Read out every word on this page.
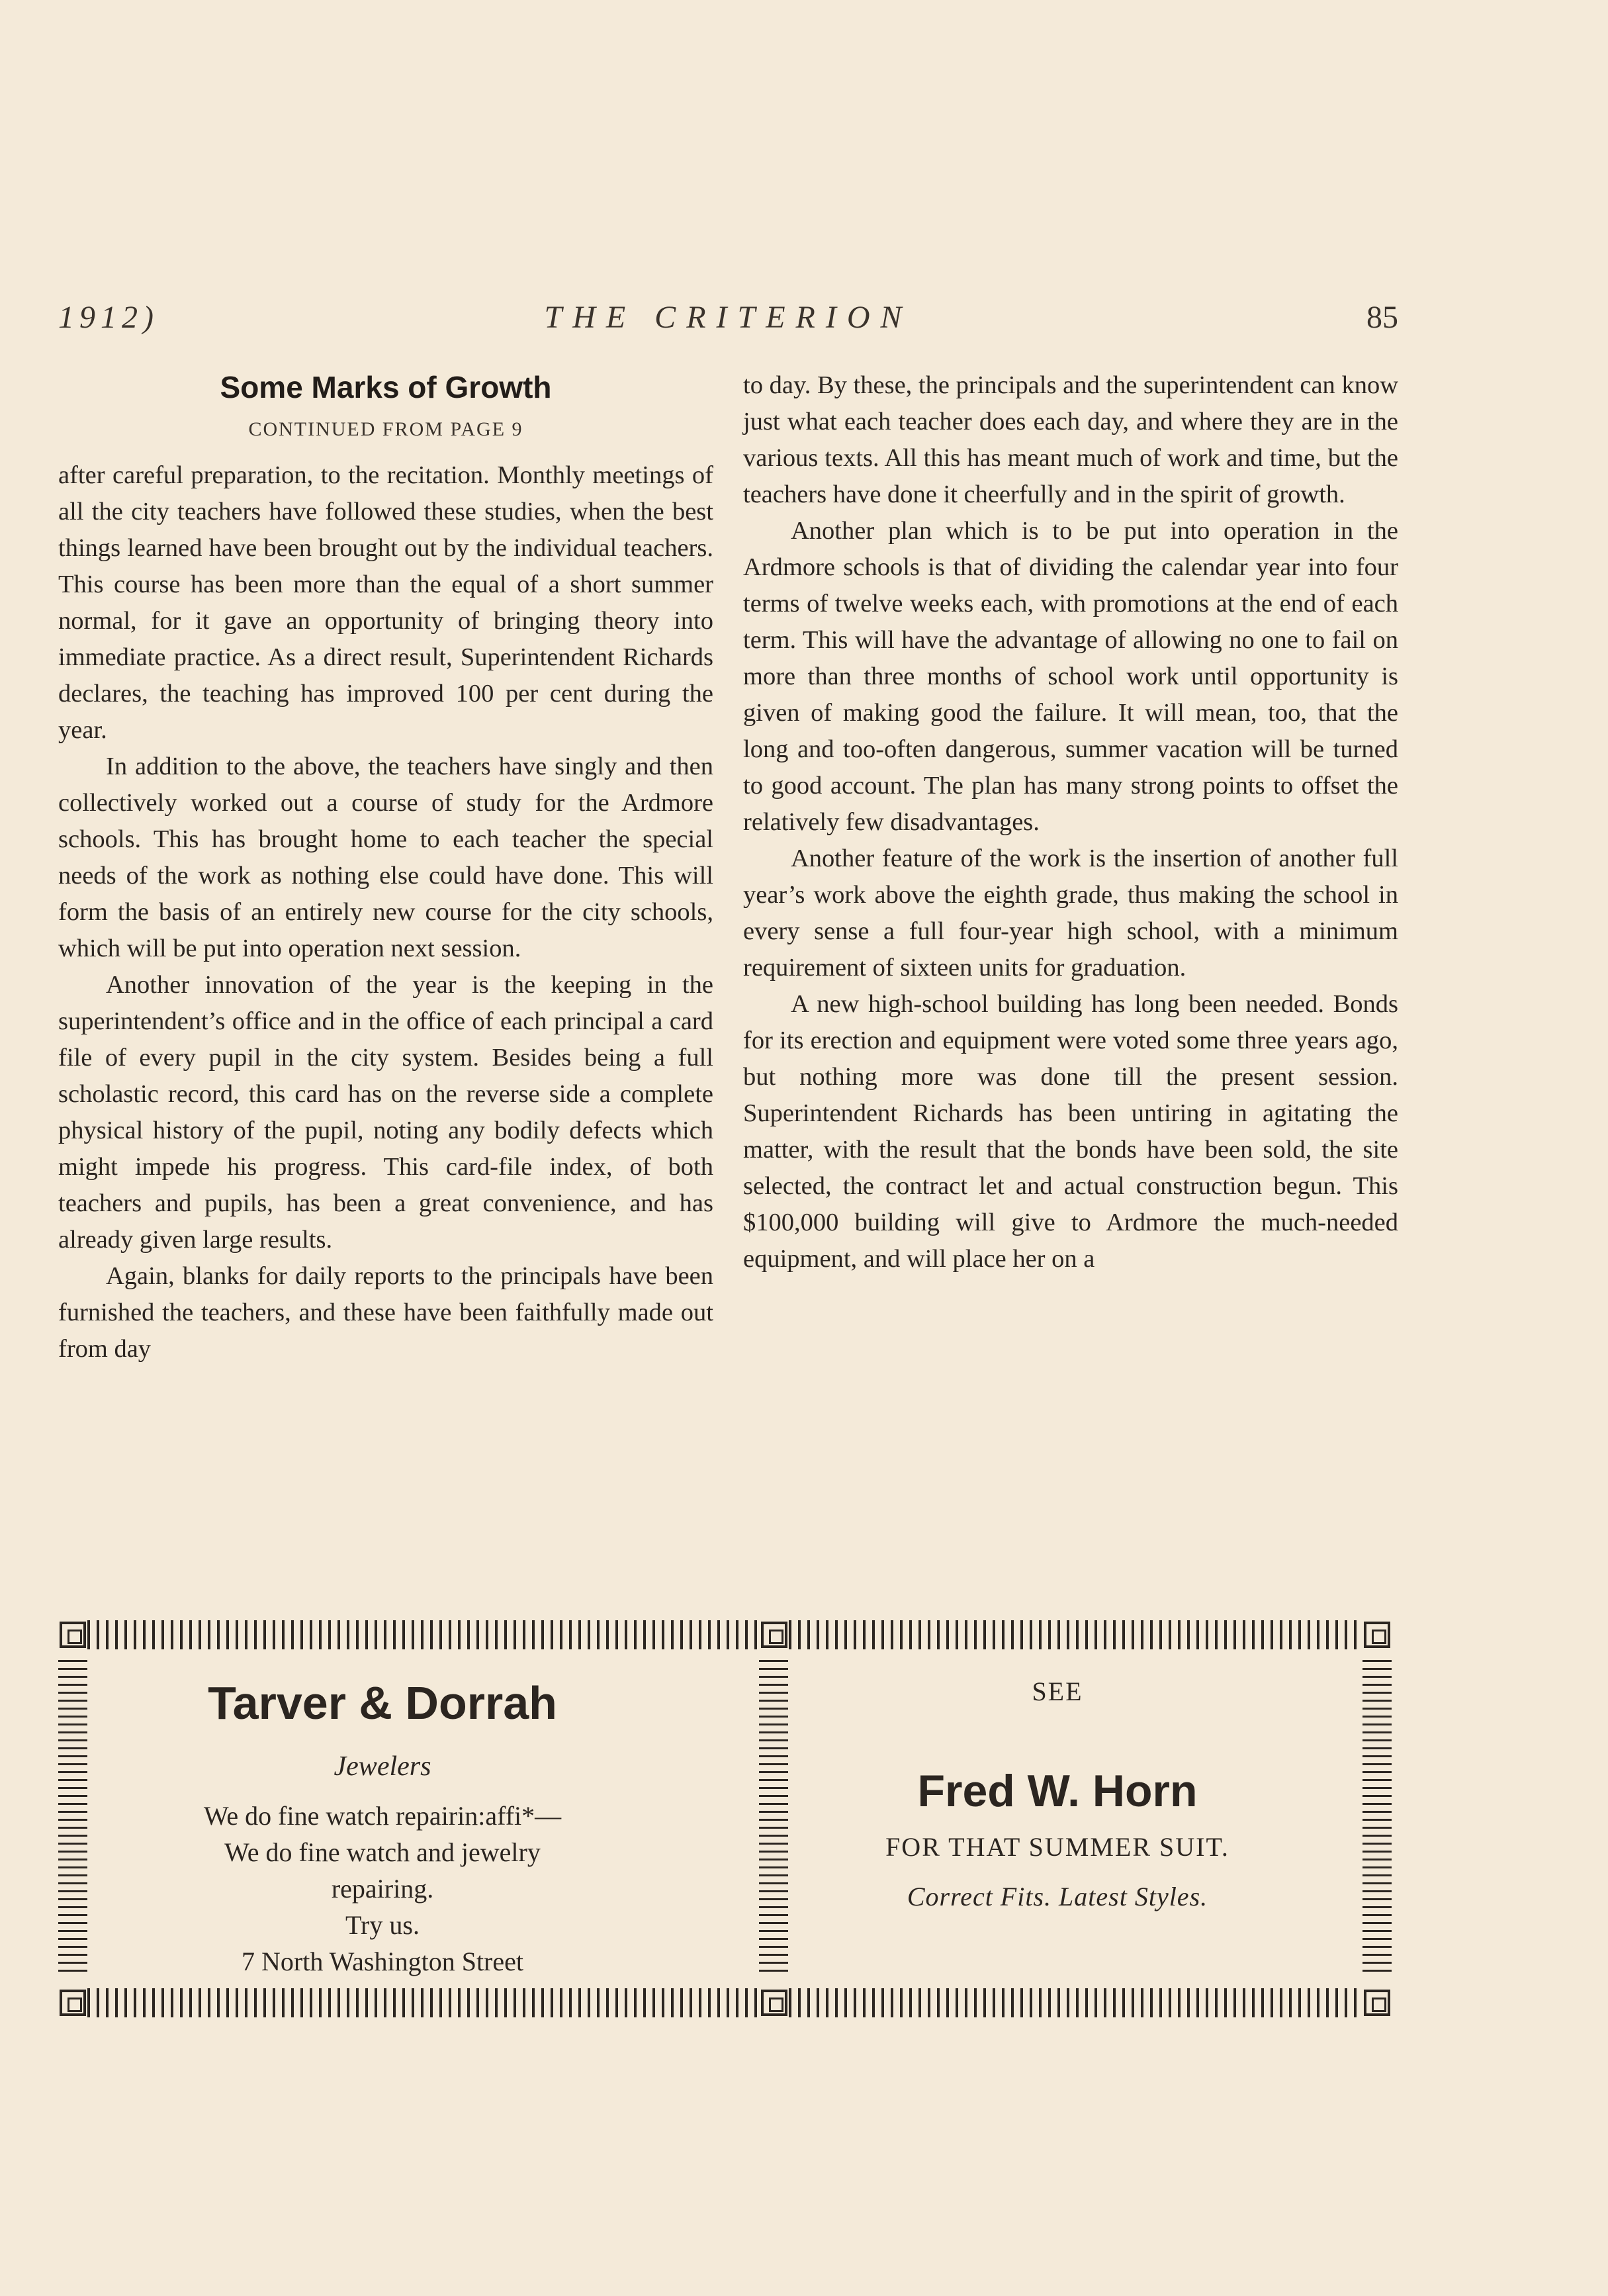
1912)	THE CRITERION	85
Some Marks of Growth
CONTINUED FROM PAGE 9

after careful preparation, to the recitation. Monthly meetings of all the city teachers have followed these studies, when the best things learned have been brought out by the individual teachers. This course has been more than the equal of a short summer normal, for it gave an opportunity of bringing theory into immediate practice. As a direct result, Superintendent Richards declares, the teaching has improved 100 per cent during the year.

In addition to the above, the teachers have singly and then collectively worked out a course of study for the Ardmore schools. This has brought home to each teacher the special needs of the work as nothing else could have done. This will form the basis of an entirely new course for the city schools, which will be put into operation next session.

Another innovation of the year is the keeping in the superintendent’s office and in the office of each principal a card file of every pupil in the city system. Besides being a full scholastic record, this card has on the reverse side a complete physical history of the pupil, noting any bodily defects which might impede his progress. This card-file index, of both teachers and pupils, has been a great convenience, and has already given large results.

Again, blanks for daily reports to the principals have been furnished the teachers, and these have been faithfully made out from day

to day. By these, the principals and the superintendent can know just what each teacher does each day, and where they are in the various texts. All this has meant much of work and time, but the teachers have done it cheerfully and in the spirit of growth.

Another plan which is to be put into operation in the Ardmore schools is that of dividing the calendar year into four terms of twelve weeks each, with promotions at the end of each term. This will have the advantage of allowing no one to fail on more than three months of school work until opportunity is given of making good the failure. It will mean, too, that the long and too-often dangerous, summer vacation will be turned to good account. The plan has many strong points to offset the relatively few disadvantages.

Another feature of the work is the insertion of another full year’s work above the eighth grade, thus making the school in every sense a full four-year high school, with a minimum requirement of sixteen units for graduation.

A new high-school building has long been needed. Bonds for its erection and equipment were voted some three years ago, but nothing more was done till the present session. Superintendent Richards has been untiring in agitating the matter, with the result that the bonds have been sold, the site selected, the contract let and actual construction begun. This $100,000 building will give to Ardmore the much-needed equipment, and will place her on a

Tarver & Dorrah

Jewelers

We do fine watch repairin:affi*—

We do fine watch and jewelry

repairing.

Try us.

7 North Washington Street

SEE

Fred W. Horn

FOR THAT SUMMER SUIT.

Correct Fits. Latest Styles.
